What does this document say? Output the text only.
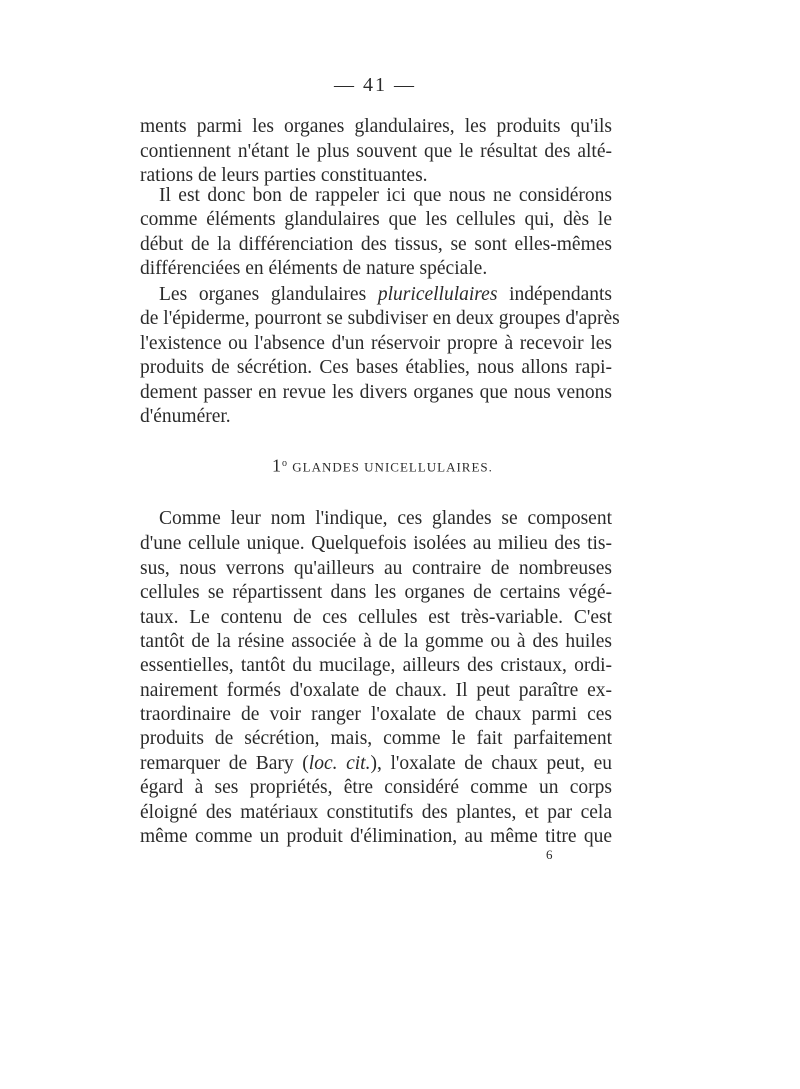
— 41 —
ments parmi les organes glandulaires, les produits qu'ils
contiennent n'étant le plus souvent que le résultat des alté-
rations de leurs parties constituantes.
Il est donc bon de rappeler ici que nous ne considérons
comme éléments glandulaires que les cellules qui, dès le
début de la différenciation des tissus, se sont elles-mêmes
différenciées en éléments de nature spéciale.
Les organes glandulaires pluricellulaires indépendants
de l'épiderme, pourront se subdiviser en deux groupes d'après
l'existence ou l'absence d'un réservoir propre à recevoir les
produits de sécrétion. Ces bases établies, nous allons rapi-
dement passer en revue les divers organes que nous venons
d'énumérer.
1$^o$ GLANDES UNICELLULAIRES.
Comme leur nom l'indique, ces glandes se composent
d'une cellule unique. Quelquefois isolées au milieu des tis-
sus, nous verrons qu'ailleurs au contraire de nombreuses
cellules se répartissent dans les organes de certains végé-
taux. Le contenu de ces cellules est très-variable. C'est
tantôt de la résine associée à de la gomme ou à des huiles
essentielles, tantôt du mucilage, ailleurs des cristaux, ordi-
nairement formés d'oxalate de chaux. Il peut paraître ex-
traordinaire de voir ranger l'oxalate de chaux parmi ces
produits de sécrétion, mais, comme le fait parfaitement
remarquer de Bary (loc. cit.), l'oxalate de chaux peut, eu
égard à ses propriétés, être considéré comme un corps
éloigné des matériaux constitutifs des plantes, et par cela
même comme un produit d'élimination, au même titre que
6
